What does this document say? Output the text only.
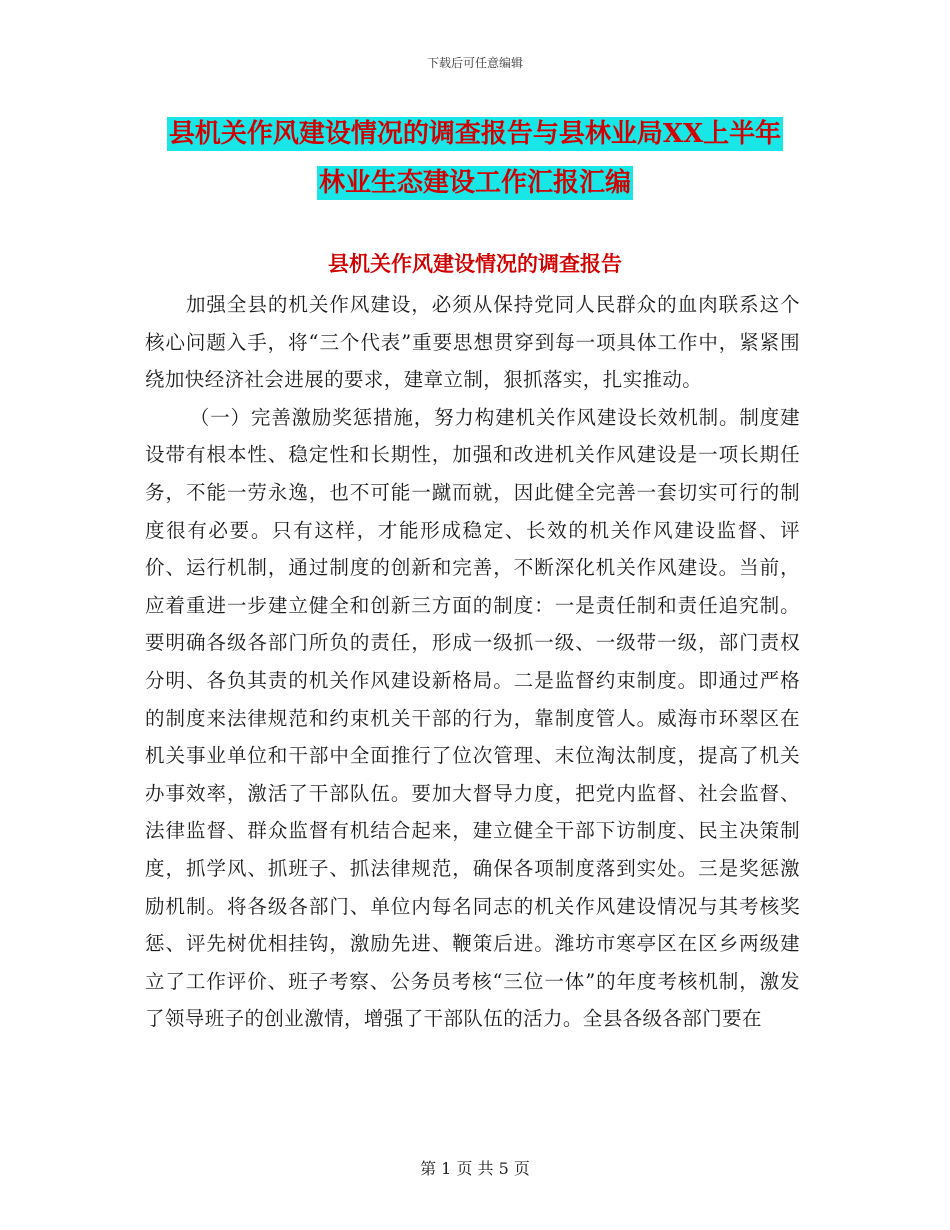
下载后可任意编辑
县机关作风建设情况的调查报告与县林业局XX上半年
林业生态建设工作汇报汇编
县机关作风建设情况的调查报告

加强全县的机关作风建设，必须从保持党同人民群众的血肉联系这个核心问题入手，将“三个代表”重要思想贯穿到每一项具体工作中，紧紧围绕加快经济社会进展的要求，建章立制，狠抓落实，扎实推动。

（一）完善激励奖惩措施，努力构建机关作风建设长效机制。制度建设带有根本性、稳定性和长期性，加强和改进机关作风建设是一项长期任务，不能一劳永逸，也不可能一蹴而就，因此健全完善一套切实可行的制度很有必要。只有这样，才能形成稳定、长效的机关作风建设监督、评价、运行机制，通过制度的创新和完善，不断深化机关作风建设。当前，应着重进一步建立健全和创新三方面的制度：一是责任制和责任追究制。要明确各级各部门所负的责任，形成一级抓一级、一级带一级，部门责权分明、各负其责的机关作风建设新格局。二是监督约束制度。即通过严格的制度来法律规范和约束机关干部的行为，靠制度管人。威海市环翠区在机关事业单位和干部中全面推行了位次管理、末位淘汰制度，提高了机关办事效率，激活了干部队伍。要加大督导力度，把党内监督、社会监督、法律监督、群众监督有机结合起来，建立健全干部下访制度、民主决策制度，抓学风、抓班子、抓法律规范，确保各项制度落到实处。三是奖惩激励机制。将各级各部门、单位内每名同志的机关作风建设情况与其考核奖惩、评先树优相挂钩，激励先进、鞭策后进。潍坊市寒亭区在区乡两级建立了工作评价、班子考察、公务员考核“三位一体”的年度考核机制，激发了领导班子的创业激情，增强了干部队伍的活力。全县各级各部门要在

第 1 页 共 5 页
